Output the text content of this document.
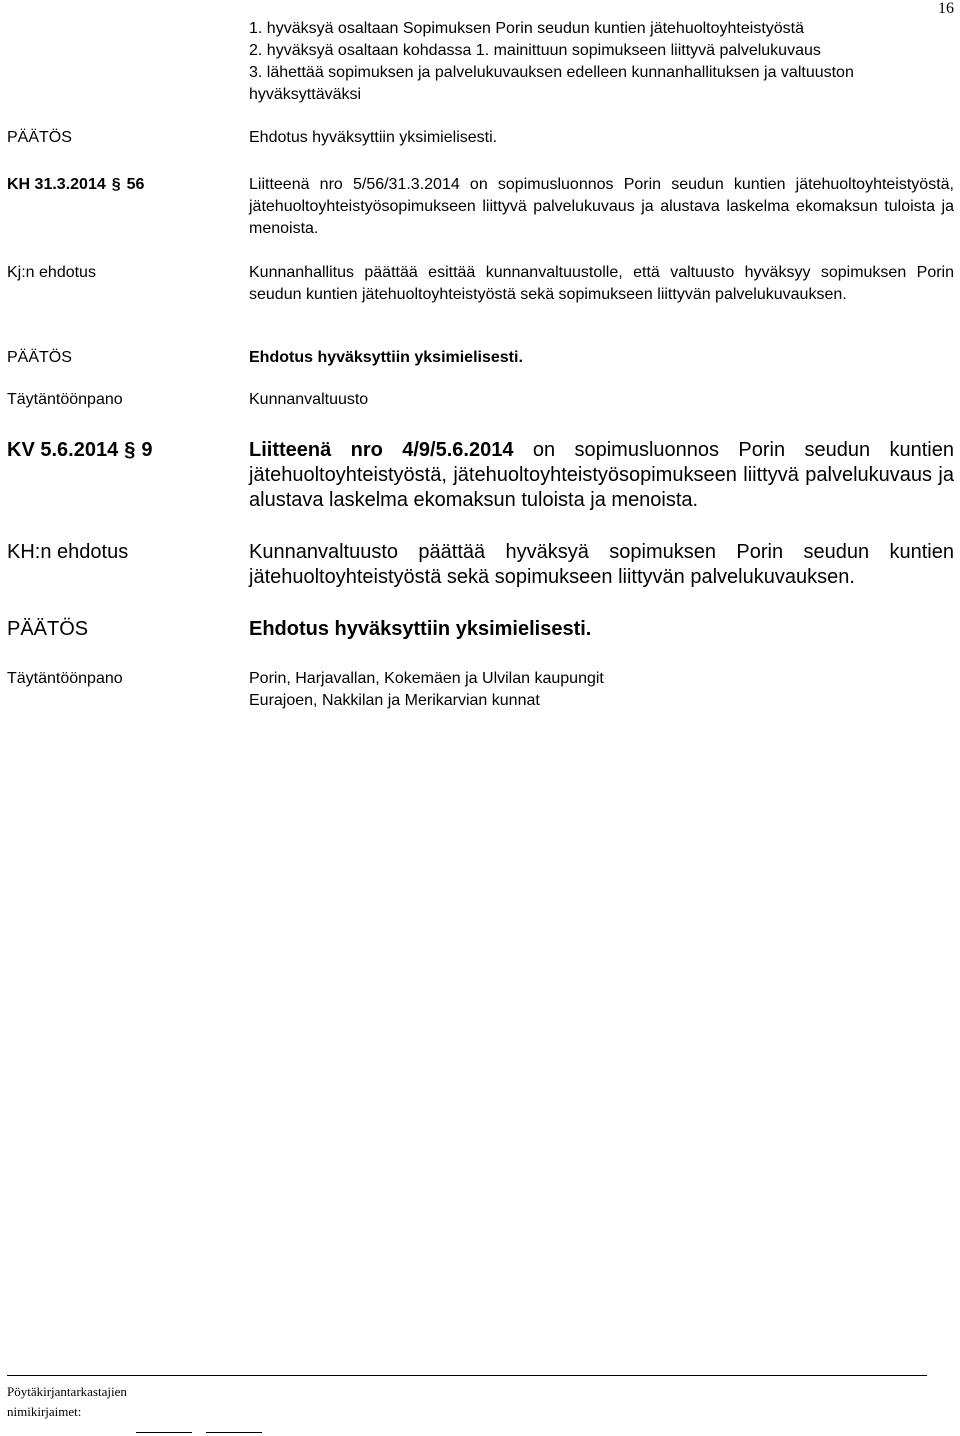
16
1. hyväksyä osaltaan Sopimuksen Porin seudun kuntien jätehuoltoyhteistyöstä
2. hyväksyä osaltaan kohdassa 1. mainittuun sopimukseen liittyvä palvelukuvaus
3. lähettää sopimuksen ja palvelukuvauksen edelleen kunnanhallituksen ja valtuuston hyväksyttäväksi
PÄÄTÖS	Ehdotus hyväksyttiin yksimielisesti.
KH 31.3.2014 § 56	Liitteenä nro 5/56/31.3.2014 on sopimusluonnos Porin seudun kuntien jätehuoltoyhteistyöstä, jätehuoltoyhteistyösopimukseen liittyvä palvelukuvaus ja alustava laskelma ekomaksun tuloista ja menoista.

Kj:n ehdotus	Kunnanhallitus päättää esittää kunnanvaltuustolle, että valtuusto hyväksyy sopimuksen Porin seudun kuntien jätehuoltoyhteistyöstä sekä sopimukseen liittyvän palvelukuvauksen.

PÄÄTÖS	Ehdotus hyväksyttiin yksimielisesti.
Täytäntöönpano	Kunnanvaltuusto
KV 5.6.2014 § 9	Liitteenä nro 4/9/5.6.2014 on sopimusluonnos Porin seudun kuntien jätehuoltoyhteistyöstä, jätehuoltoyhteistyösopimukseen liittyvä palvelukuvaus ja alustava laskelma ekomaksun tuloista ja menoista.

KH:n ehdotus	Kunnanvaltuusto päättää hyväksyä sopimuksen Porin seudun kuntien jätehuoltoyhteistyöstä sekä sopimukseen liittyvän palvelukuvauksen.

PÄÄTÖS	Ehdotus hyväksyttiin yksimielisesti.
Täytäntöönpano	Porin, Harjavallan, Kokemäen ja Ulvilan kaupungit
Eurajoen, Nakkilan ja Merikarvian kunnat
Pöytäkirjantarkastajien
nimikirjaimet:
